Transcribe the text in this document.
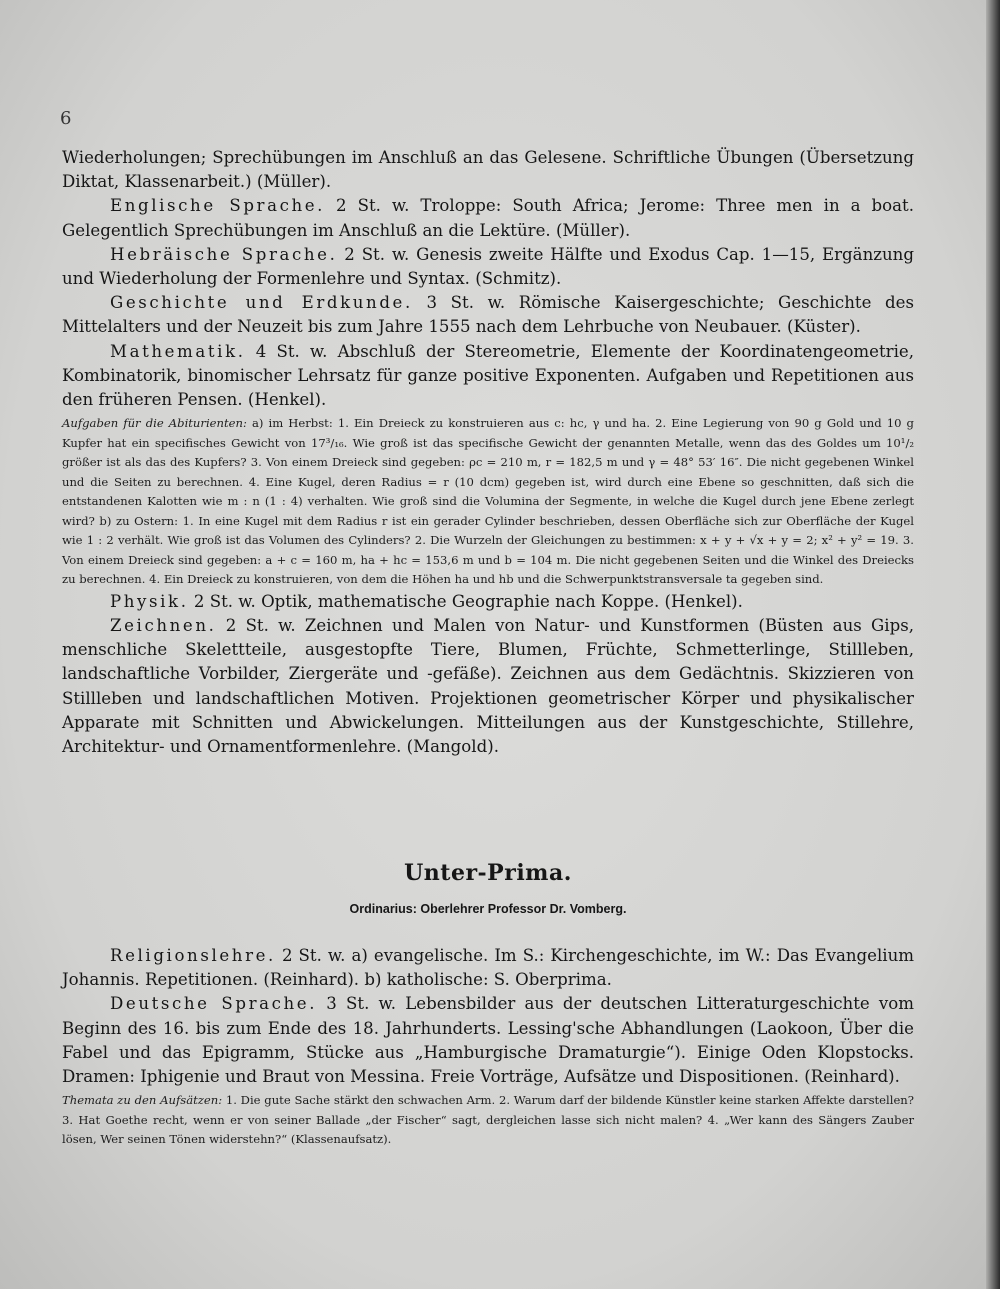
6

Wiederholungen; Sprechübungen im Anschluß an das Gelesene. Schriftliche Übungen (Übersetzung Diktat, Klassenarbeit.) (Müller).

Englische Sprache. 2 St. w. Troloppe: South Africa; Jerome: Three men in a boat. Gelegentlich Sprechübungen im Anschluß an die Lektüre. (Müller).

Hebräische Sprache. 2 St. w. Genesis zweite Hälfte und Exodus Cap. 1—15, Ergänzung und Wiederholung der Formenlehre und Syntax. (Schmitz).

Geschichte und Erdkunde. 3 St. w. Römische Kaisergeschichte; Geschichte des Mittelalters und der Neuzeit bis zum Jahre 1555 nach dem Lehrbuche von Neubauer. (Küster).

Mathematik. 4 St. w. Abschluß der Stereometrie, Elemente der Koordinatengeometrie, Kombinatorik, binomischer Lehrsatz für ganze positive Exponenten. Aufgaben und Repetitionen aus den früheren Pensen. (Henkel).

Aufgaben für die Abiturienten: a) im Herbst: 1. Ein Dreieck zu konstruieren aus c: hc, γ und ha. 2. Eine Legierung von 90 g Gold und 10 g Kupfer hat ein specifisches Gewicht von 17³/₁₆. Wie groß ist das specifische Gewicht der genannten Metalle, wenn das des Goldes um 10¹/₂ größer ist als das des Kupfers? 3. Von einem Dreieck sind gegeben: ρc = 210 m, r = 182,5 m und γ = 48° 53′ 16″. Die nicht gegebenen Winkel und die Seiten zu berechnen. 4. Eine Kugel, deren Radius = r (10 dcm) gegeben ist, wird durch eine Ebene so geschnitten, daß sich die entstandenen Kalotten wie m : n (1 : 4) verhalten. Wie groß sind die Volumina der Segmente, in welche die Kugel durch jene Ebene zerlegt wird? b) zu Ostern: 1. In eine Kugel mit dem Radius r ist ein gerader Cylinder beschrieben, dessen Oberfläche sich zur Oberfläche der Kugel wie 1 : 2 verhält. Wie groß ist das Volumen des Cylinders? 2. Die Wurzeln der Gleichungen zu bestimmen: x + y + √x + y = 2; x² + y² = 19. 3. Von einem Dreieck sind gegeben: a + c = 160 m, ha + hc = 153,6 m und b = 104 m. Die nicht gegebenen Seiten und die Winkel des Dreiecks zu berechnen. 4. Ein Dreieck zu konstruieren, von dem die Höhen ha und hb und die Schwerpunktstransversale ta gegeben sind.

Physik. 2 St. w. Optik, mathematische Geographie nach Koppe. (Henkel).

Zeichnen. 2 St. w. Zeichnen und Malen von Natur- und Kunstformen (Büsten aus Gips, menschliche Skelettteile, ausgestopfte Tiere, Blumen, Früchte, Schmetterlinge, Stillleben, landschaftliche Vorbilder, Ziergeräte und -gefäße). Zeichnen aus dem Gedächtnis. Skizzieren von Stillleben und landschaftlichen Motiven. Projektionen geometrischer Körper und physikalischer Apparate mit Schnitten und Abwickelungen. Mitteilungen aus der Kunstgeschichte, Stillehre, Architektur- und Ornamentformenlehre. (Mangold).

Unter-Prima.

Ordinarius: Oberlehrer Professor Dr. Vomberg.

Religionslehre. 2 St. w. a) evangelische. Im S.: Kirchengeschichte, im W.: Das Evangelium Johannis. Repetitionen. (Reinhard). b) katholische: S. Oberprima.

Deutsche Sprache. 3 St. w. Lebensbilder aus der deutschen Litteraturgeschichte vom Beginn des 16. bis zum Ende des 18. Jahrhunderts. Lessing'sche Abhandlungen (Laokoon, Über die Fabel und das Epigramm, Stücke aus „Hamburgische Dramaturgie“). Einige Oden Klopstocks. Dramen: Iphigenie und Braut von Messina. Freie Vorträge, Aufsätze und Dispositionen. (Reinhard).

Themata zu den Aufsätzen: 1. Die gute Sache stärkt den schwachen Arm. 2. Warum darf der bildende Künstler keine starken Affekte darstellen? 3. Hat Goethe recht, wenn er von seiner Ballade „der Fischer“ sagt, dergleichen lasse sich nicht malen? 4. „Wer kann des Sängers Zauber lösen, Wer seinen Tönen widerstehn?“ (Klassenaufsatz).
